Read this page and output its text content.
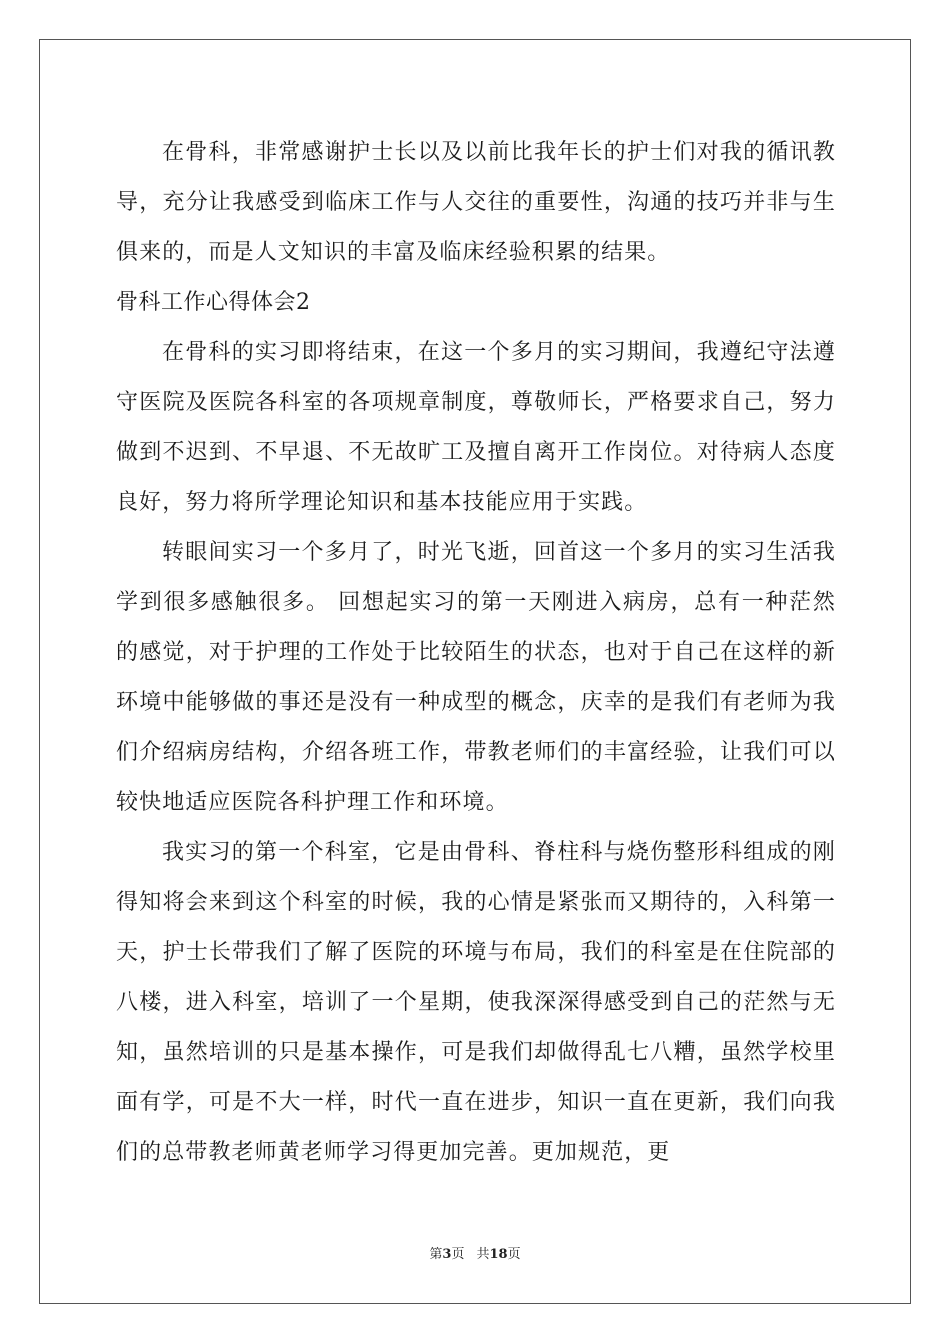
在骨科，非常感谢护士长以及以前比我年长的护士们对我的循讯教导，充分让我感受到临床工作与人交往的重要性，沟通的技巧并非与生俱来的，而是人文知识的丰富及临床经验积累的结果。

骨科工作心得体会2

在骨科的实习即将结束，在这一个多月的实习期间，我遵纪守法遵守医院及医院各科室的各项规章制度，尊敬师长，严格要求自己，努力做到不迟到、不早退、不无故旷工及擅自离开工作岗位。对待病人态度良好，努力将所学理论知识和基本技能应用于实践。

转眼间实习一个多月了，时光飞逝，回首这一个多月的实习生活我学到很多感触很多。 回想起实习的第一天刚进入病房，总有一种茫然的感觉，对于护理的工作处于比较陌生的状态，也对于自己在这样的新环境中能够做的事还是没有一种成型的概念，庆幸的是我们有老师为我们介绍病房结构，介绍各班工作，带教老师们的丰富经验，让我们可以较快地适应医院各科护理工作和环境。

我实习的第一个科室，它是由骨科、脊柱科与烧伤整形科组成的刚得知将会来到这个科室的时候，我的心情是紧张而又期待的，入科第一天，护士长带我们了解了医院的环境与布局，我们的科室是在住院部的八楼，进入科室，培训了一个星期，使我深深得感受到自己的茫然与无知，虽然培训的只是基本操作，可是我们却做得乱七八糟，虽然学校里面有学，可是不大一样，时代一直在进步，知识一直在更新，我们向我们的总带教老师黄老师学习得更加完善。更加规范，更

第3页 共18页
